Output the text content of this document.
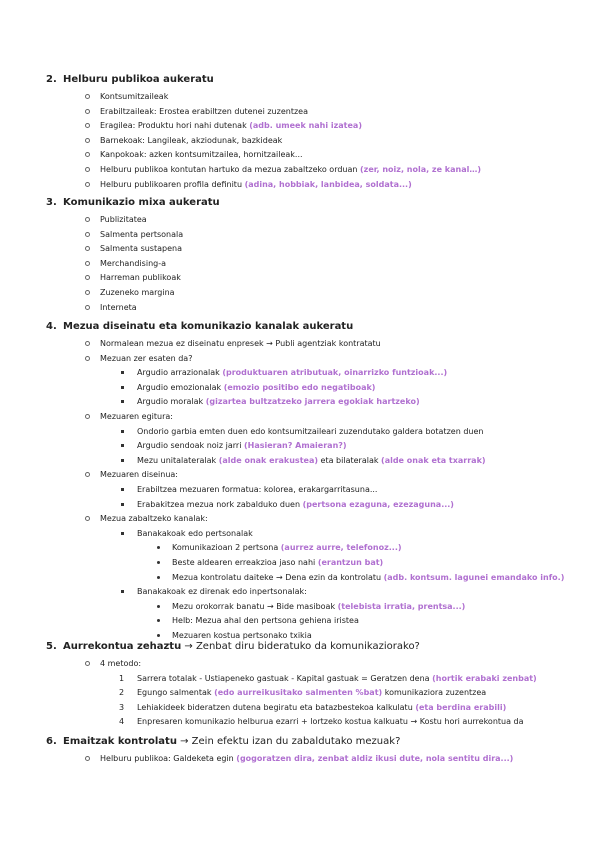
2. Helburu publikoa aukeratu
Kontsumitzaileak
Erabiltzaileak: Erostea erabiltzen dutenei zuzentzea
Eragilea: Produktu hori nahi dutenak (adb. umeek nahi izatea)
Barnekoak: Langileak, akziodunak, bazkideak
Kanpokoak: azken kontsumitzailea, hornitzaileak...
Helburu publikoa kontutan hartuko da mezua zabaltzeko orduan (zer, noiz, nola, ze kanal…)
Helburu publikoaren profila definitu (adina, hobbiak, lanbidea, soldata...)
3. Komunikazio mixa aukeratu
Publizitatea
Salmenta pertsonala
Salmenta sustapena
Merchandising-a
Harreman publikoak
Zuzeneko margina
Interneta
4. Mezua diseinatu eta komunikazio kanalak aukeratu
Normalean mezua ez diseinatu enpresek → Publi agentziak kontratatu
Mezuan zer esaten da?
Argudio arrazionalak (produktuaren atributuak, oinarrizko funtzioak...)
Argudio emozionalak (emozio positibo edo negatiboak)
Argudio moralak (gizartea bultzatzeko jarrera egokiak hartzeko)
Mezuaren egitura:
Ondorio garbia emten duen edo kontsumitzaileari zuzendutako galdera botatzen duen
Argudio sendoak noiz jarri (Hasieran? Amaieran?)
Mezu unitalateralak (alde onak erakustea) eta bilateralak (alde onak eta txarrak)
Mezuaren diseinua:
Erabiltzea mezuaren formatua: kolorea, erakargarritasuna...
Erabakitzea mezua nork zabalduko duen (pertsona ezaguna, ezezaguna...)
Mezua zabaltzeko kanalak:
Banakakoak edo pertsonalak
Komunikazioan 2 pertsona (aurrez aurre, telefonoz...)
Beste aldearen erreakzioa jaso nahi (erantzun bat)
Mezua kontrolatu daiteke → Dena ezin da kontrolatu (adb. kontsum. lagunei emandako info.)
Banakakoak ez direnak edo inpertsonalak:
Mezu orokorrak banatu → Bide masiboak (telebista irratia, prentsa...)
Helb: Mezua ahal den pertsona gehiena iristea
Mezuaren kostua pertsonako txikia
5. Aurrekontua zehaztu → Zenbat diru bideratuko da komunikaziorako?
4 metodo:
1 Sarrera totalak - Ustiapeneko gastuak - Kapital gastuak = Geratzen dena (hortik erabaki zenbat)
2 Egungo salmentak (edo aurreikusitako salmenten %bat) komunikaziora zuzentzea
3 Lehiakideek bideratzen dutena begiratu eta batazbestekoa kalkulatu (eta berdina erabili)
4 Enpresaren komunikazio helburua ezarri + lortzeko kostua kalkuatu → Kostu hori aurrekontua da
6. Emaitzak kontrolatu → Zein efektu izan du zabaldutako mezuak?
Helburu publikoa: Galdeketa egin (gogoratzen dira, zenbat aldiz ikusi dute, nola sentitu dira...)
